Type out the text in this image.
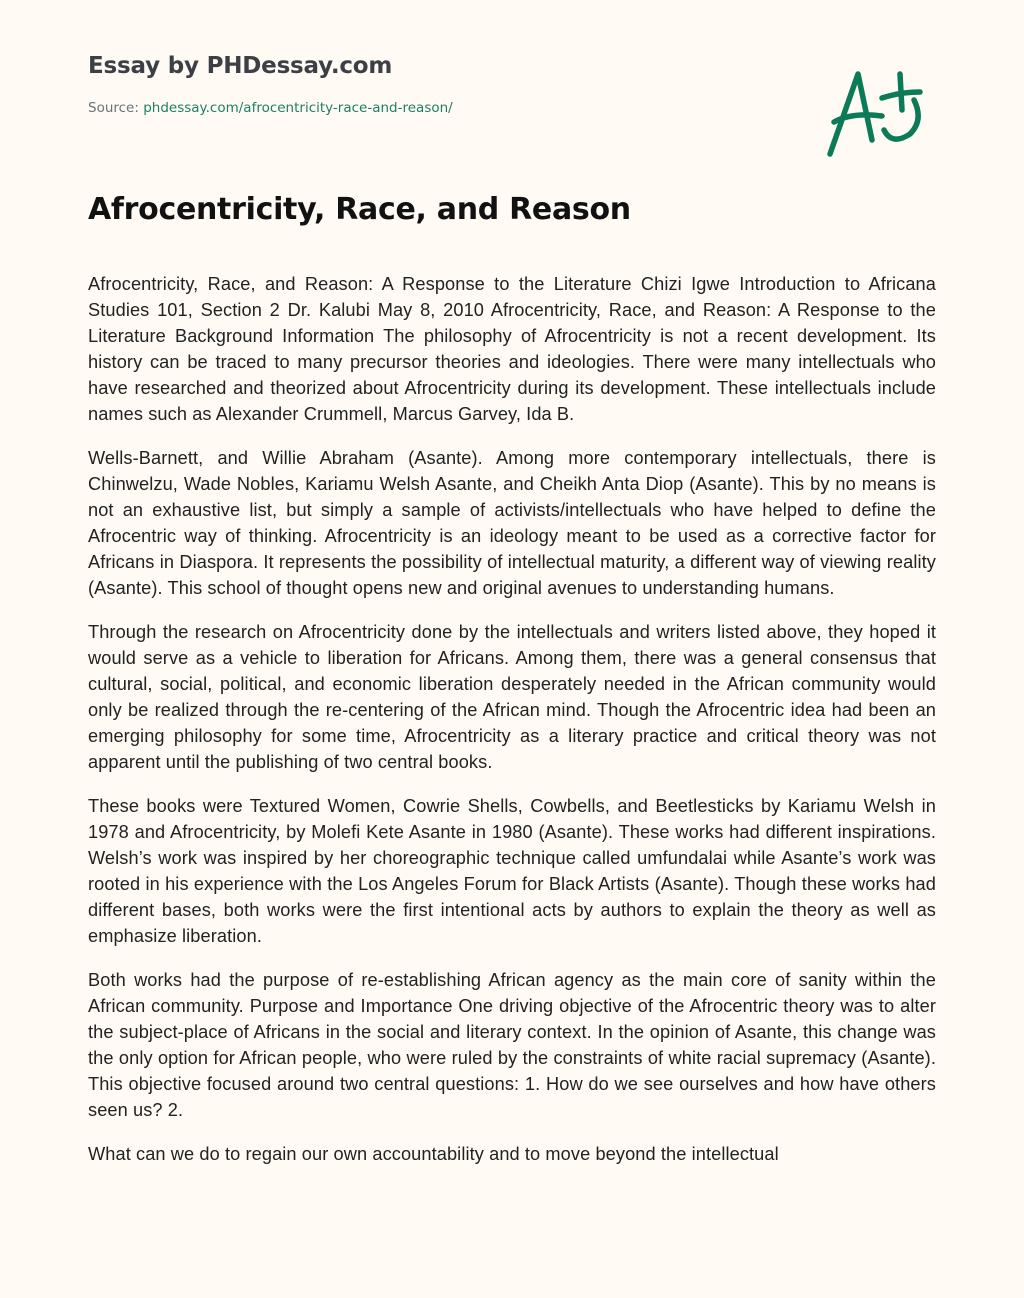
Essay by PHDessay.com
Source: phdessay.com/afrocentricity-race-and-reason/
Afrocentricity, Race, and Reason

Afrocentricity, Race, and Reason: A Response to the Literature Chizi Igwe Introduction to Africana Studies 101, Section 2 Dr. Kalubi May 8, 2010 Afrocentricity, Race, and Reason: A Response to the Literature Background Information The philosophy of Afrocentricity is not a recent development. Its history can be traced to many precursor theories and ideologies. There were many intellectuals who have researched and theorized about Afrocentricity during its development. These intellectuals include names such as Alexander Crummell, Marcus Garvey, Ida B.

Wells-Barnett, and Willie Abraham (Asante). Among more contemporary intellectuals, there is Chinwelzu, Wade Nobles, Kariamu Welsh Asante, and Cheikh Anta Diop (Asante). This by no means is not an exhaustive list, but simply a sample of activists/intellectuals who have helped to define the Afrocentric way of thinking. Afrocentricity is an ideology meant to be used as a corrective factor for Africans in Diaspora. It represents the possibility of intellectual maturity, a different way of viewing reality (Asante). This school of thought opens new and original avenues to understanding humans.

Through the research on Afrocentricity done by the intellectuals and writers listed above, they hoped it would serve as a vehicle to liberation for Africans. Among them, there was a general consensus that cultural, social, political, and economic liberation desperately needed in the African community would only be realized through the re-centering of the African mind. Though the Afrocentric idea had been an emerging philosophy for some time, Afrocentricity as a literary practice and critical theory was not apparent until the publishing of two central books.

These books were Textured Women, Cowrie Shells, Cowbells, and Beetlesticks by Kariamu Welsh in 1978 and Afrocentricity, by Molefi Kete Asante in 1980 (Asante). These works had different inspirations. Welsh’s work was inspired by her choreographic technique called umfundalai while Asante’s work was rooted in his experience with the Los Angeles Forum for Black Artists (Asante). Though these works had different bases, both works were the first intentional acts by authors to explain the theory as well as emphasize liberation.

Both works had the purpose of re-establishing African agency as the main core of sanity within the African community. Purpose and Importance One driving objective of the Afrocentric theory was to alter the subject-place of Africans in the social and literary context. In the opinion of Asante, this change was the only option for African people, who were ruled by the constraints of white racial supremacy (Asante). This objective focused around two central questions: 1. How do we see ourselves and how have others seen us? 2.

What can we do to regain our own accountability and to move beyond the intellectual
